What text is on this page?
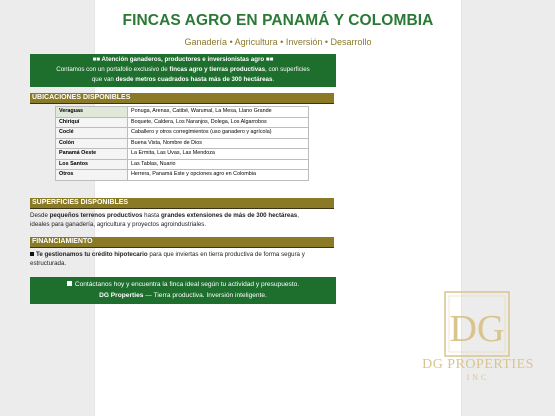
FINCAS AGRO EN PANAMÁ Y COLOMBIA
Ganadería • Agricultura • Inversión • Desarrollo
■■ Atención ganaderos, productores e inversionistas agro ■■
Contamos con un portafolio exclusivo de fincas agro y tierras productivas, con superficies
que van desde metros cuadrados hasta más de 300 hectáreas.
UBICACIONES DISPONIBLES
Veraguas	Ponuga, Arenas, Catibé, Warumal, La Mesa, Llano Grande
Chiriquí	Boquete, Caldera, Los Naranjos, Dolega, Los Algarrobos
Coclé	Caballero y otros corregimientos (uso ganadero y agrícola)
Colón	Buena Vista, Nombre de Dios
Panamá Oeste	La Ermita, Las Uvas, Las Mendoza
Los Santos	Las Tablas, Nuario
Otros	Herrera, Panamá Este y opciones agro en Colombia
SUPERFICIES DISPONIBLES
Desde pequeños terrenos productivos hasta grandes extensiones de más de 300 hectáreas,
ideales para ganadería, agricultura y proyectos agroindustriales.
FINANCIAMIENTO
Te gestionamos tu crédito hipotecario para que inviertas en tierra productiva de forma segura y
estructurada.
Contáctanos hoy y encuentra la finca ideal según tu actividad y presupuesto.
DG Properties — Tierra productiva. Inversión inteligente.
DG
DG PROPERTIES
INC
